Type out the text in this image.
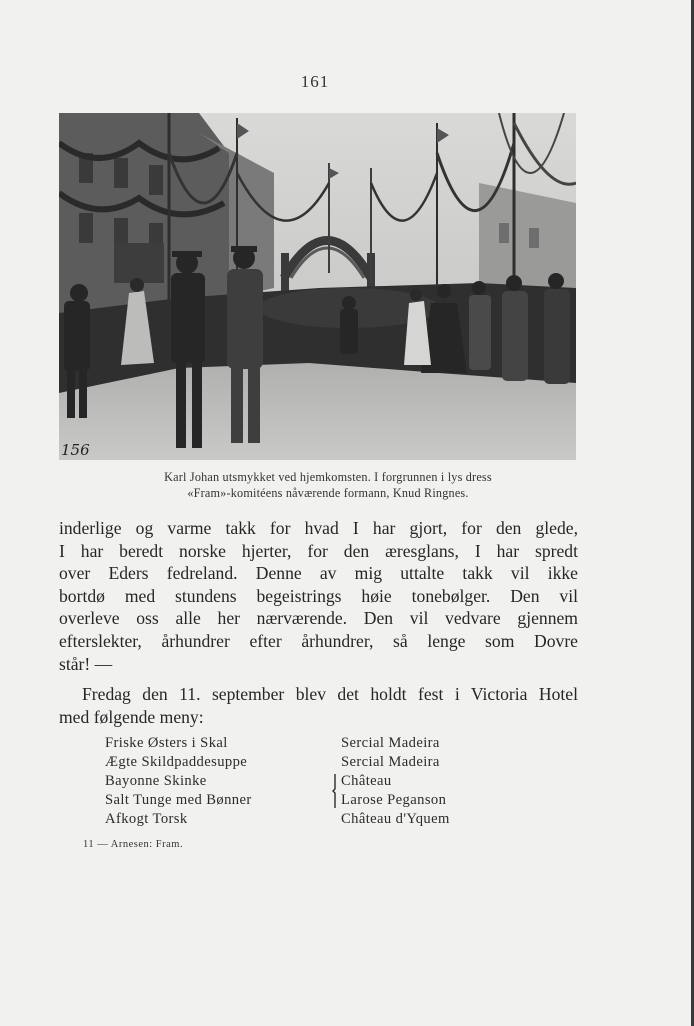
161
156
Karl Johan utsmykket ved hjemkomsten. I forgrunnen i lys dress
«Fram»-komitéens nåværende formann, Knud Ringnes.
inderlige og varme takk for hvad I har gjort, for den glede,
I har beredt norske hjerter, for den æresglans, I har spredt
over Eders fedreland. Denne av mig uttalte takk vil ikke
bortdø med stundens begeistrings høie tonebølger. Den vil
overleve oss alle her nærværende. Den vil vedvare gjennem
efterslekter, århundrer efter århundrer, så lenge som Dovre
står! —
Fredag den 11. september blev det holdt fest i Victoria Hotel
med følgende meny:
Friske Østers i Skal
Ægte Skildpaddesuppe
Bayonne Skinke
Salt Tunge med Bønner
Afkogt Torsk
Sercial Madeira
Sercial Madeira
Château
Larose Peganson
Château d'Yquem
11 — Arnesen: Fram.
